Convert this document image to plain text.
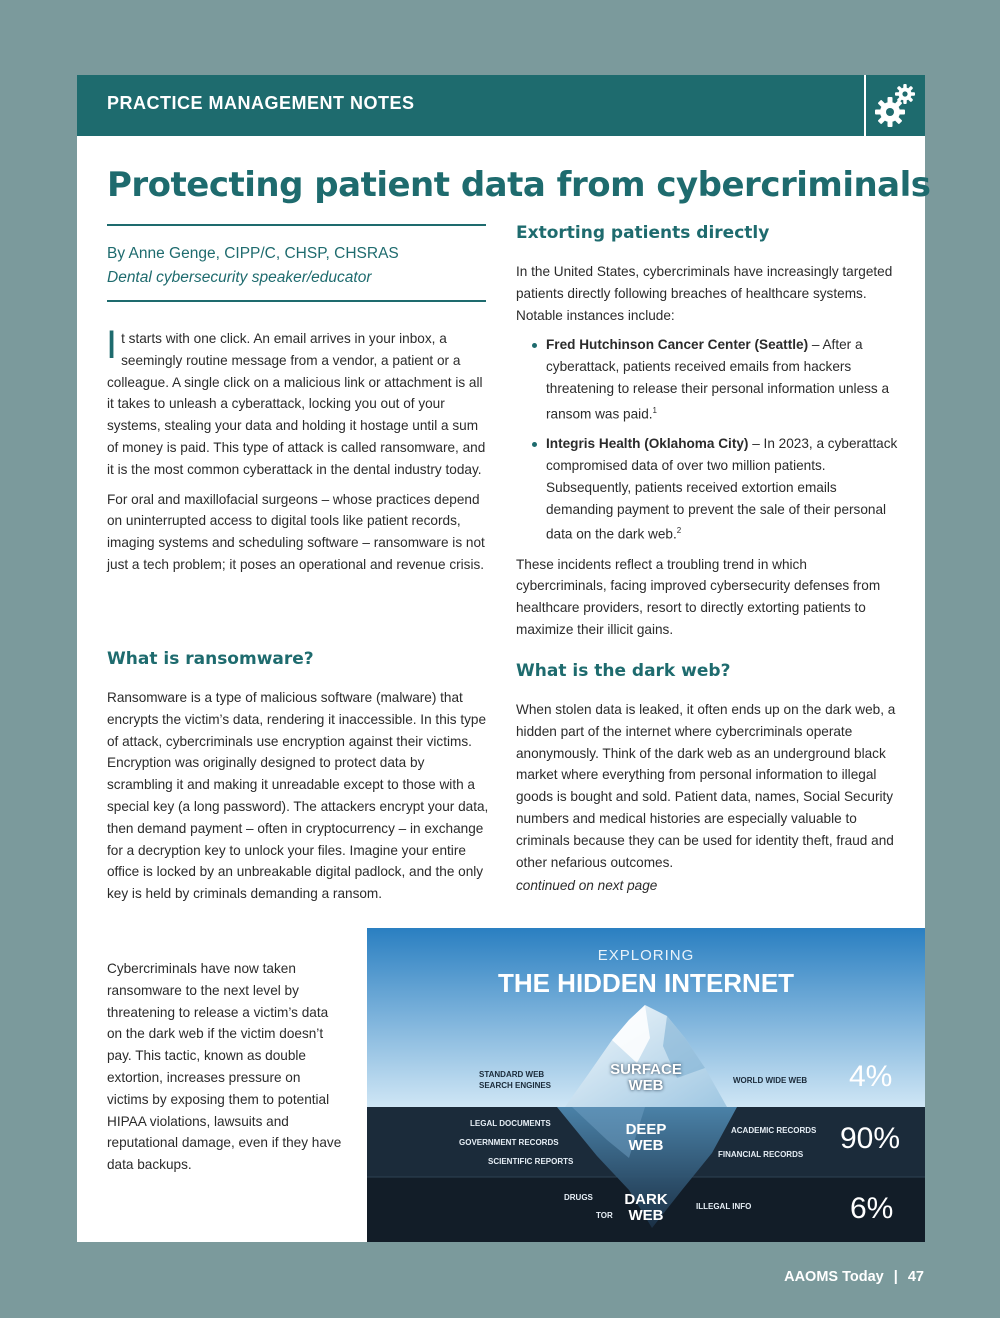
PRACTICE MANAGEMENT NOTES
Protecting patient data from cybercriminals
By Anne Genge, CIPP/C, CHSP, CHSRAS
Dental cybersecurity speaker/educator

It starts with one click. An email arrives in your inbox, a seemingly routine message from a vendor, a patient or a colleague. A single click on a malicious link or attachment is all it takes to unleash a cyberattack, locking you out of your systems, stealing your data and holding it hostage until a sum of money is paid. This type of attack is called ransomware, and it is the most common cyberattack in the dental industry today.

For oral and maxillofacial surgeons – whose practices depend on uninterrupted access to digital tools like patient records, imaging systems and scheduling software – ransomware is not just a tech problem; it poses an operational and revenue crisis.

What is ransomware?
Ransomware is a type of malicious software (malware) that encrypts the victim’s data, rendering it inaccessible. In this type of attack, cybercriminals use encryption against their victims. Encryption was originally designed to protect data by scrambling it and making it unreadable except to those with a special key (a long password). The attackers encrypt your data, then demand payment – often in cryptocurrency – in exchange for a decryption key to unlock your files. Imagine your entire office is locked by an unbreakable digital padlock, and the only key is held by criminals demanding a ransom.
Cybercriminals have now taken ransomware to the next level by threatening to release a victim’s data on the dark web if the victim doesn’t pay. This tactic, known as double extortion, increases pressure on victims by exposing them to potential HIPAA violations, lawsuits and reputational damage, even if they have data backups.
Extorting patients directly

In the United States, cybercriminals have increasingly targeted patients directly following breaches of healthcare systems. Notable instances include:

Fred Hutchinson Cancer Center (Seattle) – After a cyberattack, patients received emails from hackers threatening to release their personal information unless a ransom was paid.$^1$
Integris Health (Oklahoma City) – In 2023, a cyberattack compromised data of over two million patients. Subsequently, patients received extortion emails demanding payment to prevent the sale of their personal data on the dark web.$^2$

These incidents reflect a troubling trend in which cybercriminals, facing improved cybersecurity defenses from healthcare providers, resort to directly extorting patients to maximize their illicit gains.

What is the dark web?

When stolen data is leaked, it often ends up on the dark web, a hidden part of the internet where cybercriminals operate anonymously. Think of the dark web as an underground black market where everything from personal information to illegal goods is bought and sold. Patient data, names, Social Security numbers and medical histories are especially valuable to criminals because they can be used for identity theft, fraud and other nefarious outcomes.

continued on next page

EXPLORING
THE HIDDEN INTERNET
SURFACE
WEB
STANDARD WEB
SEARCH ENGINES
WORLD WIDE WEB 4%
DEEP
WEB
LEGAL DOCUMENTS
GOVERNMENT RECORDS
SCIENTIFIC REPORTS
ACADEMIC RECORDS
FINANCIAL RECORDS 90%
DARK
WEB
DRUGS
TOR
ILLEGAL INFO	6%
AAOMS Today | 47
